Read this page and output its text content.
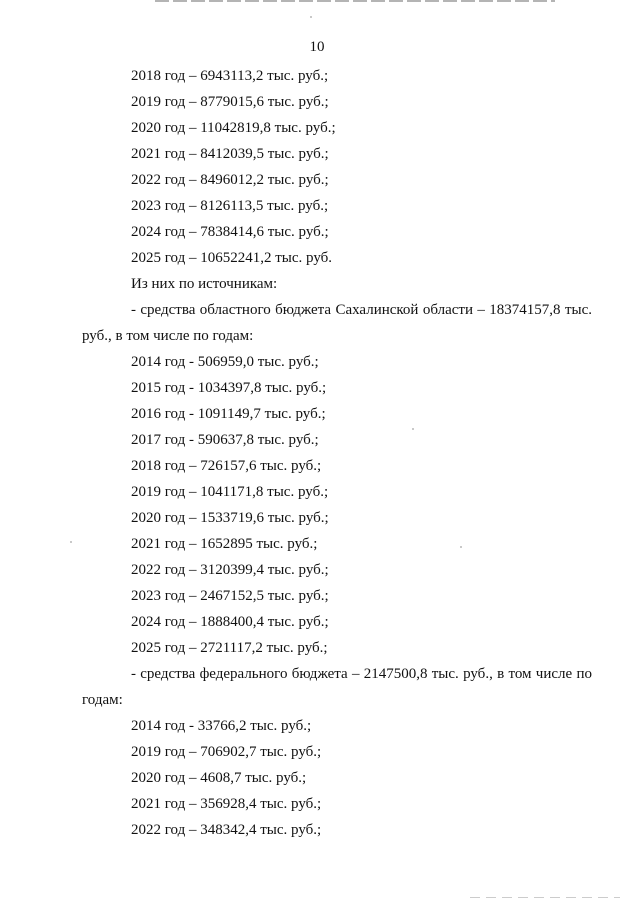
10
2018 год – 6943113,2 тыс. руб.;
2019 год – 8779015,6 тыс. руб.;
2020 год – 11042819,8 тыс. руб.;
2021 год – 8412039,5 тыс. руб.;
2022 год – 8496012,2 тыс. руб.;
2023 год – 8126113,5 тыс. руб.;
2024 год – 7838414,6 тыс. руб.;
2025 год – 10652241,2 тыс. руб.
Из них по источникам:
- средства областного бюджета Сахалинской области – 18374157,8 тыс.
руб., в том числе по годам:
2014 год - 506959,0 тыс. руб.;
2015 год - 1034397,8 тыс. руб.;
2016 год - 1091149,7 тыс. руб.;
2017 год - 590637,8 тыс. руб.;
2018 год – 726157,6 тыс. руб.;
2019 год – 1041171,8 тыс. руб.;
2020 год – 1533719,6 тыс. руб.;
2021 год – 1652895 тыс. руб.;
2022 год – 3120399,4 тыс. руб.;
2023 год – 2467152,5 тыс. руб.;
2024 год – 1888400,4 тыс. руб.;
2025 год – 2721117,2 тыс. руб.;
- средства федерального бюджета – 2147500,8 тыс. руб., в том числе по
годам:
2014 год - 33766,2 тыс. руб.;
2019 год – 706902,7 тыс. руб.;
2020 год – 4608,7 тыс. руб.;
2021 год – 356928,4 тыс. руб.;
2022 год – 348342,4 тыс. руб.;
